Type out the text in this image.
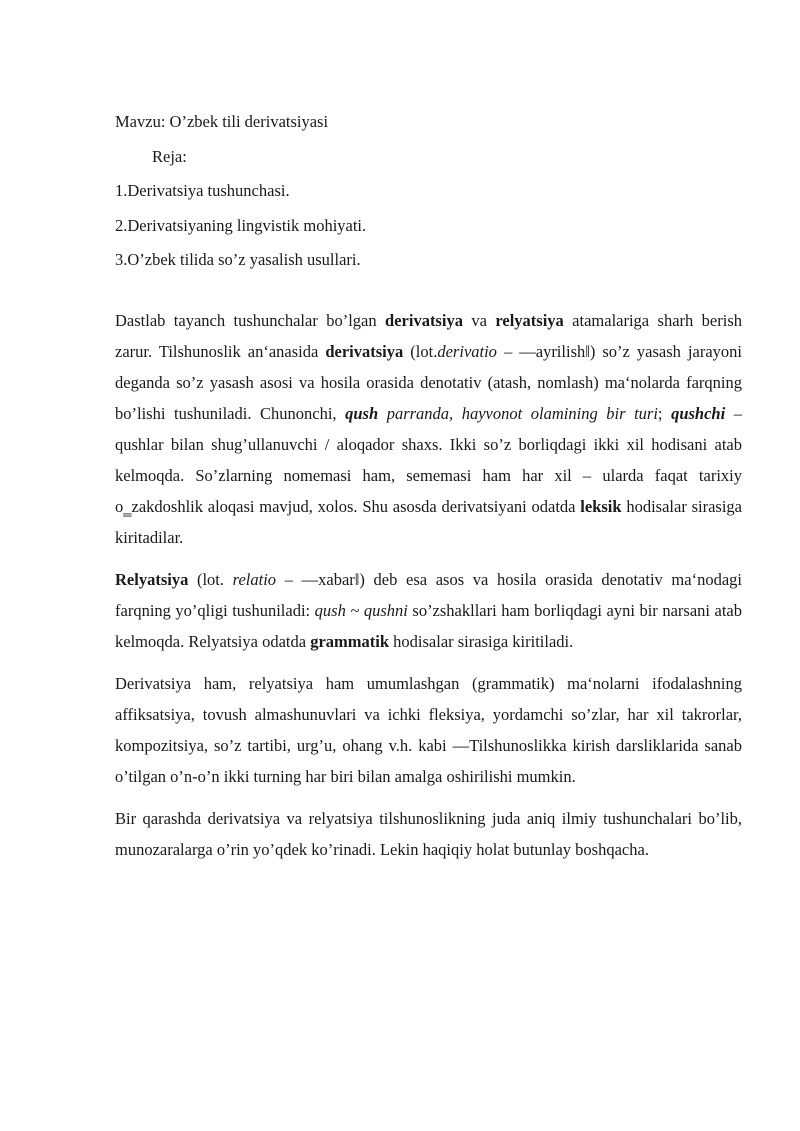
Mavzu: O’zbek tili derivatsiyasi
Reja:
1.Derivatsiya tushunchasi.
2.Derivatsiyaning lingvistik mohiyati.
3.O’zbek tilida so’z yasalish usullari.

Dastlab tayanch tushunchalar bo’lgan derivatsiya va relyatsiya atamalariga sharh berish zarur. Tilshunoslik an‘anasida derivatsiya (lot.derivatio – ―ayrilish‖) so’z yasash jarayoni deganda so’z yasash asosi va hosila orasida denotativ (atash, nomlash) ma‘nolarda farqning bo’lishi tushuniladi. Chunonchi, qush parranda, hayvonot olamining bir turi; qushchi – qushlar bilan shug’ullanuvchi / aloqador shaxs. Ikki so’z borliqdagi ikki xil hodisani atab kelmoqda. So’zlarning nomemasi ham, sememasi ham har xil – ularda faqat tarixiy o‗zakdoshlik aloqasi mavjud, xolos. Shu asosda derivatsiyani odatda leksik hodisalar sirasiga kiritadilar.

Relyatsiya (lot. relatio – ―xabar‖) deb esa asos va hosila orasida denotativ ma‘nodagi farqning yo’qligi tushuniladi: qush ~ qushni so’zshakllari ham borliqdagi ayni bir narsani atab kelmoqda. Relyatsiya odatda grammatik hodisalar sirasiga kiritiladi.

Derivatsiya ham, relyatsiya ham umumlashgan (grammatik) ma‘nolarni ifodalashning affiksatsiya, tovush almashunuvlari va ichki fleksiya, yordamchi so’zlar, har xil takrorlar, kompozitsiya, so’z tartibi, urg’u, ohang v.h. kabi ―Tilshunoslikka kirish darsliklarida sanab o’tilgan o’n-o’n ikki turning har biri bilan amalga oshirilishi mumkin.

Bir qarashda derivatsiya va relyatsiya tilshunoslikning juda aniq ilmiy tushunchalari bo’lib, munozaralarga o’rin yo’qdek ko’rinadi. Lekin haqiqiy holat butunlay boshqacha.
